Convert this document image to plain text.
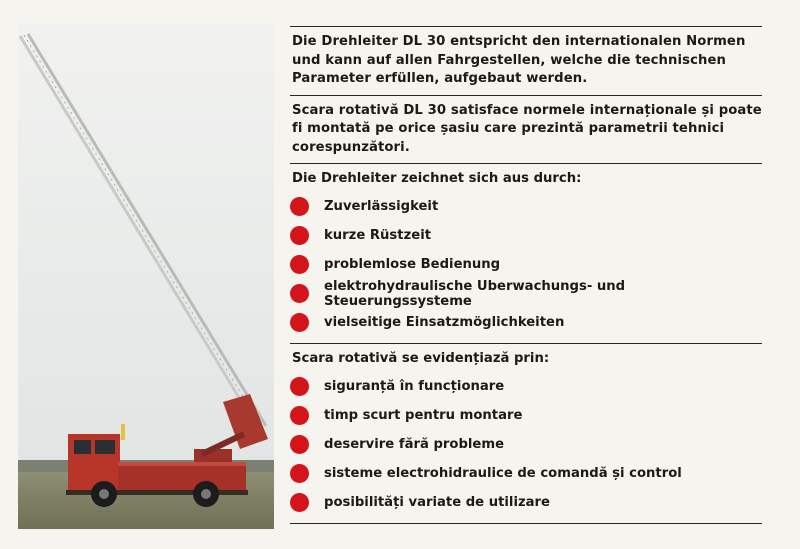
Die Drehleiter DL 30 entspricht den internationalen Normen und kann auf allen Fahrgestellen, welche die technischen Parameter erfüllen, aufgebaut werden.
Scara rotativă DL 30 satisface normele internaționale și poate fi montată pe orice șasiu care prezintă parametrii tehnici corespunzători.
Die Drehleiter zeichnet sich aus durch:
Zuverlässigkeit
kurze Rüstzeit
problemlose Bedienung
elektrohydraulische Uberwachungs- und Steuerungssysteme
vielseitige Einsatzmöglichkeiten
Scara rotativă se evidențiază prin:
siguranță în funcționare
timp scurt pentru montare
deservire fără probleme
sisteme electrohidraulice de comandă și control
posibilități variate de utilizare
